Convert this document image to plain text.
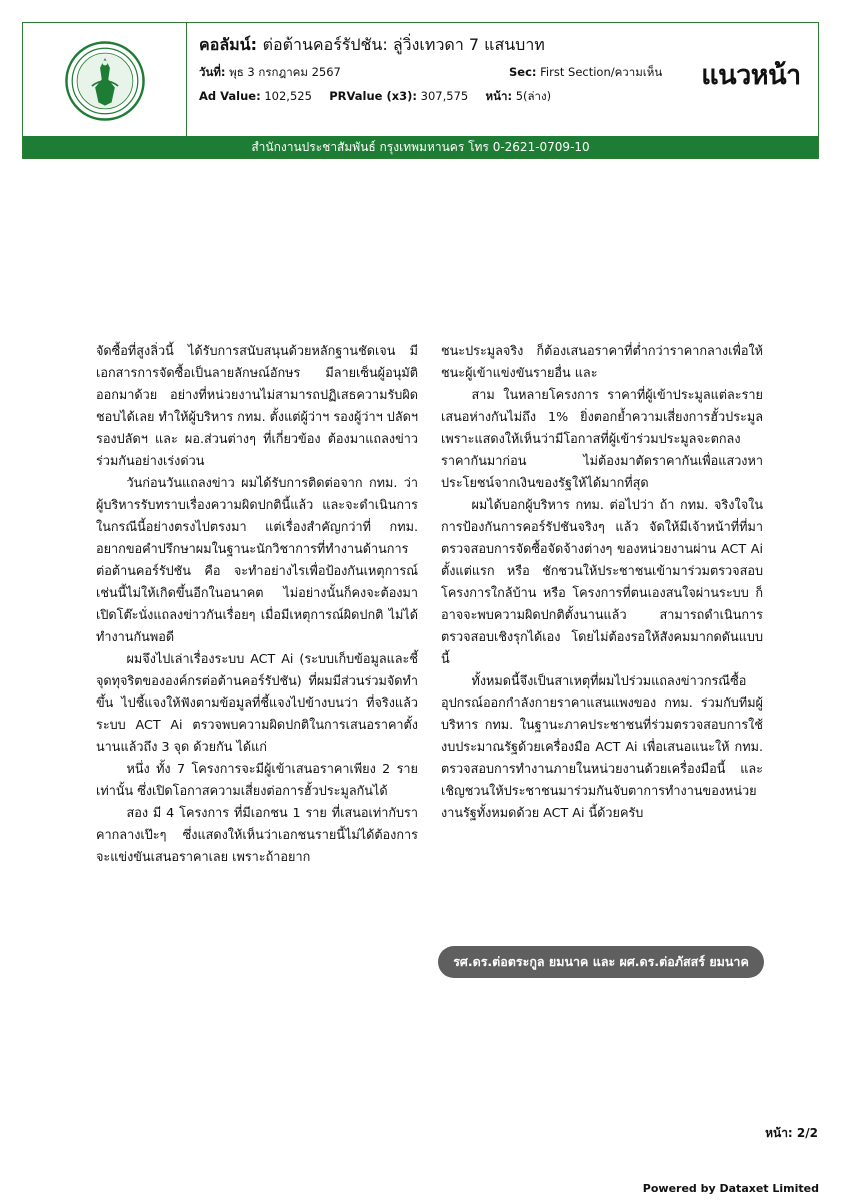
คอลัมน์: ต่อต้านคอร์รัปชัน: ลู่วิ่งเทวดา 7 แสนบาท
วันที่: พุธ 3 กรกฎาคม 2567	Sec: First Section/ความเห็น
Ad Value: 102,525 PRValue (x3): 307,575 หน้า: 5(ล่าง)
แนวหน้า
สำนักงานประชาสัมพันธ์ กรุงเทพมหานคร โทร 0-2621-0709-10

จัดซื้อที่สูงลิ่วนี้ ได้รับการสนับสนุนด้วยหลักฐานชัดเจน มีเอกสารการจัดซื้อเป็นลายลักษณ์อักษร มีลายเซ็นผู้อนุมัติออกมาด้วย อย่างที่หน่วยงานไม่สามารถปฏิเสธความรับผิดชอบได้เลย ทำให้ผู้บริหาร กทม. ตั้งแต่ผู้ว่าฯ รองผู้ว่าฯ ปลัดฯ รองปลัดฯ และ ผอ.ส่วนต่างๆ ที่เกี่ยวข้อง ต้องมาแถลงข่าวร่วมกันอย่างเร่งด่วน

วันก่อนวันแถลงข่าว ผมได้รับการติดต่อจาก กทม. ว่าผู้บริหารรับทราบเรื่องความผิดปกตินี้แล้ว และจะดำเนินการในกรณีนี้อย่างตรงไปตรงมา แต่เรื่องสำคัญกว่าที่ กทม. อยากขอคำปรึกษาผมในฐานะนักวิชาการที่ทำงานด้านการต่อต้านคอร์รัปชัน คือ จะทำอย่างไรเพื่อป้องกันเหตุการณ์เช่นนี้ไม่ให้เกิดขึ้นอีกในอนาคต ไม่อย่างนั้นก็คงจะต้องมาเปิดโต๊ะนั่งแถลงข่าวกันเรื่อยๆ เมื่อมีเหตุการณ์ผิดปกติ ไม่ได้ทำงานกันพอดี

ผมจึงไปเล่าเรื่องระบบ ACT Ai (ระบบเก็บข้อมูลและชี้จุดทุจริตขององค์กรต่อต้านคอร์รัปชัน) ที่ผมมีส่วนร่วมจัดทำขึ้น ไปชี้แจงให้ฟังตามข้อมูลที่ชี้แจงไปข้างบนว่า ที่จริงแล้วระบบ ACT Ai ตรวจพบความผิดปกติในการเสนอราคาตั้งนานแล้วถึง 3 จุด ด้วยกัน ได้แก่

หนึ่ง ทั้ง 7 โครงการจะมีผู้เข้าเสนอราคาเพียง 2 รายเท่านั้น ซึ่งเปิดโอกาสความเสี่ยงต่อการฮั้วประมูลกันได้

สอง มี 4 โครงการ ที่มีเอกชน 1 ราย ที่เสนอเท่ากับราคากลางเป๊ะๆ ซึ่งแสดงให้เห็นว่าเอกชนรายนี้ไม่ได้ต้องการจะแข่งขันเสนอราคาเลย เพราะถ้าอยาก

ชนะประมูลจริง ก็ต้องเสนอราคาที่ต่ำกว่าราคากลางเพื่อให้ชนะผู้เข้าแข่งขันรายอื่น และ

สาม ในหลายโครงการ ราคาที่ผู้เข้าประมูลแต่ละรายเสนอห่างกันไม่ถึง 1% ยิ่งตอกย้ำความเสี่ยงการฮั้วประมูล เพราะแสดงให้เห็นว่ามีโอกาสที่ผู้เข้าร่วมประมูลจะตกลงราคากันมาก่อน ไม่ต้องมาตัดราคากันเพื่อแสวงหาประโยชน์จากเงินของรัฐให้ได้มากที่สุด

ผมได้บอกผู้บริหาร กทม. ต่อไปว่า ถ้า กทม. จริงใจในการป้องกันการคอร์รัปชันจริงๆ แล้ว จัดให้มีเจ้าหน้าที่ที่มาตรวจสอบการจัดซื้อจัดจ้างต่างๆ ของหน่วยงานผ่าน ACT Ai ตั้งแต่แรก หรือ ชักชวนให้ประชาชนเข้ามาร่วมตรวจสอบโครงการใกล้บ้าน หรือ โครงการที่ตนเองสนใจผ่านระบบ ก็อาจจะพบความผิดปกติตั้งนานแล้ว สามารถดำเนินการตรวจสอบเชิงรุกได้เอง โดยไม่ต้องรอให้สังคมมากดดันแบบนี้

ทั้งหมดนี้จึงเป็นสาเหตุที่ผมไปร่วมแถลงข่าวกรณีซื้ออุปกรณ์ออกกำลังกายราคาแสนแพงของ กทม. ร่วมกับทีมผู้บริหาร กทม. ในฐานะภาคประชาชนที่ร่วมตรวจสอบการใช้งบประมาณรัฐด้วยเครื่องมือ ACT Ai เพื่อเสนอแนะให้ กทม. ตรวจสอบการทำงานภายในหน่วยงานด้วยเครื่องมือนี้ และเชิญชวนให้ประชาชนมาร่วมกันจับตาการทำงานของหน่วยงานรัฐทั้งหมดด้วย ACT Ai นี้ด้วยครับ

รศ.ดร.ต่อตระกูล ยมนาค และ ผศ.ดร.ต่อภัสสร์ ยมนาค
หน้า: 2/2
Powered by Dataxet Limited
